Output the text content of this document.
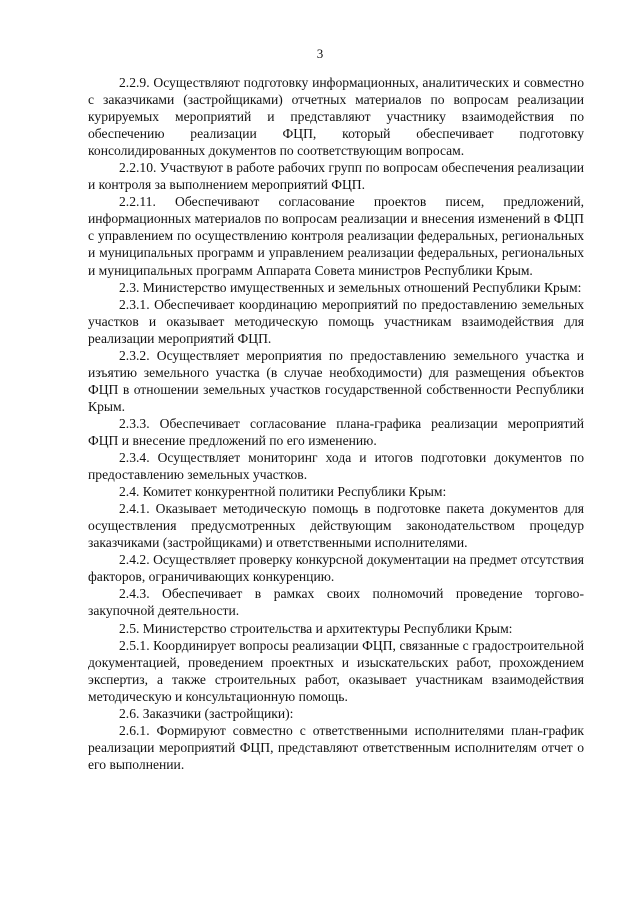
3

2.2.9. Осуществляют подготовку информационных, аналитических и совместно с заказчиками (застройщиками) отчетных материалов по вопросам реализации курируемых мероприятий и представляют участнику взаимодействия по обеспечению реализации ФЦП, который обеспечивает подготовку консолидированных документов по соответствующим вопросам.

2.2.10. Участвуют в работе рабочих групп по вопросам обеспечения реализации и контроля за выполнением мероприятий ФЦП.

2.2.11. Обеспечивают согласование проектов писем, предложений, информационных материалов по вопросам реализации и внесения изменений в ФЦП с управлением по осуществлению контроля реализации федеральных, региональных и муниципальных программ и управлением реализации федеральных, региональных и муниципальных программ Аппарата Совета министров Республики Крым.

2.3. Министерство имущественных и земельных отношений Республики Крым:

2.3.1. Обеспечивает координацию мероприятий по предоставлению земельных участков и оказывает методическую помощь участникам взаимодействия для реализации мероприятий ФЦП.

2.3.2. Осуществляет мероприятия по предоставлению земельного участка и изъятию земельного участка (в случае необходимости) для размещения объектов ФЦП в отношении земельных участков государственной собственности Республики Крым.

2.3.3. Обеспечивает согласование плана-графика реализации мероприятий ФЦП и внесение предложений по его изменению.

2.3.4. Осуществляет мониторинг хода и итогов подготовки документов по предоставлению земельных участков.

2.4. Комитет конкурентной политики Республики Крым:

2.4.1. Оказывает методическую помощь в подготовке пакета документов для осуществления предусмотренных действующим законодательством процедур заказчиками (застройщиками) и ответственными исполнителями.

2.4.2. Осуществляет проверку конкурсной документации на предмет отсутствия факторов, ограничивающих конкуренцию.

2.4.3. Обеспечивает в рамках своих полномочий проведение торгово-закупочной деятельности.

2.5. Министерство строительства и архитектуры Республики Крым:

2.5.1. Координирует вопросы реализации ФЦП, связанные с градостроительной документацией, проведением проектных и изыскательских работ, прохождением экспертиз, а также строительных работ, оказывает участникам взаимодействия методическую и консультационную помощь.

2.6. Заказчики (застройщики):

2.6.1. Формируют совместно с ответственными исполнителями план-график реализации мероприятий ФЦП, представляют ответственным исполнителям отчет о его выполнении.
